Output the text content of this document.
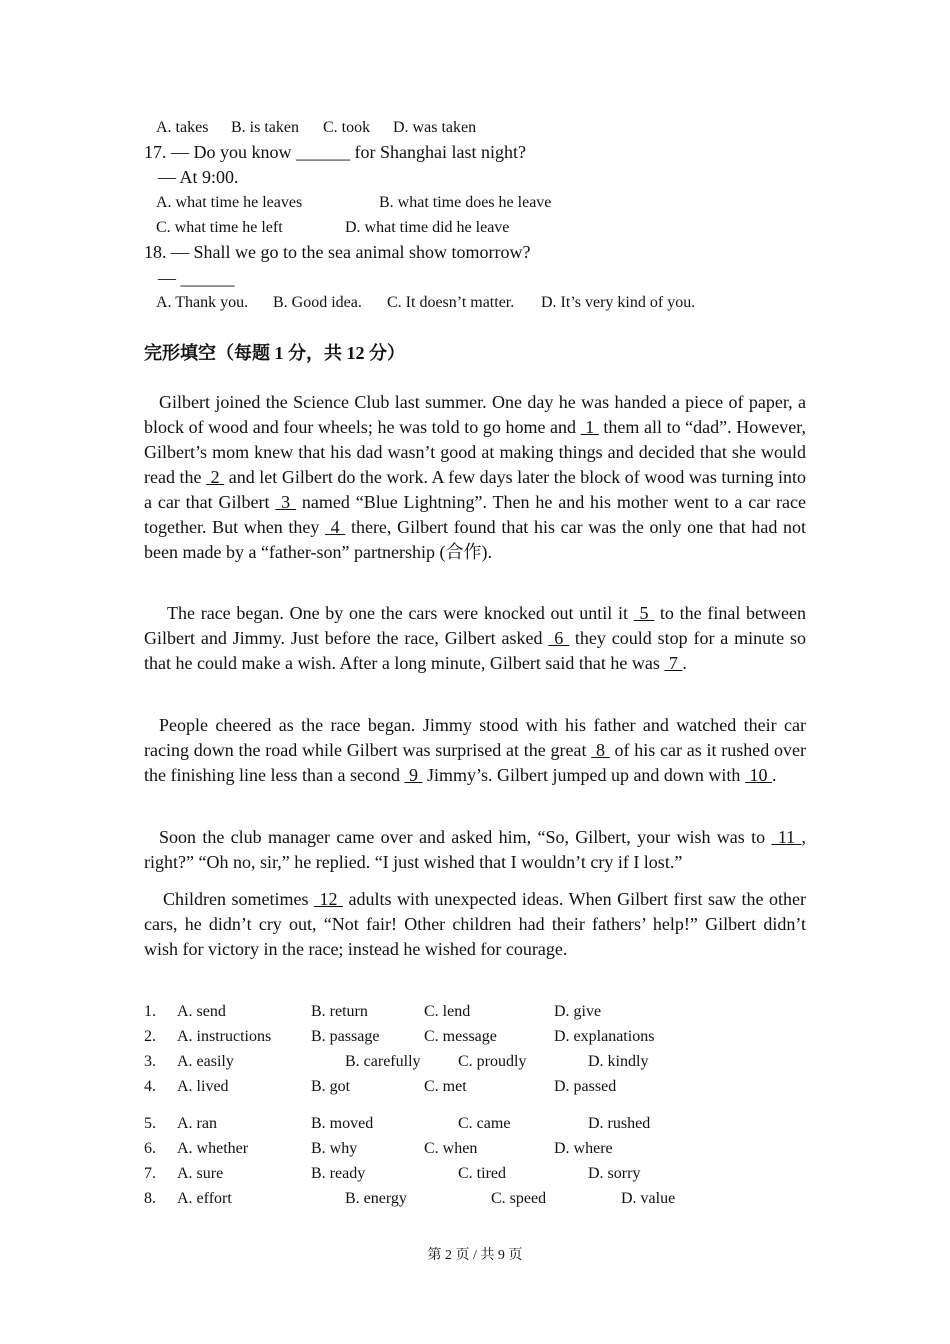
A. takes B. is taken C. took D. was taken
17. — Do you know ______ for Shanghai last night?
— At 9:00.
A. what time he leaves	B. what time does he leave
C. what time he left	D. what time did he leave
18. — Shall we go to the sea animal show tomorrow?
— ______
A. Thank you. B. Good idea. C. It doesn’t matter. D. It’s very kind of you.
完形填空（每题 1 分，共 12 分）
Gilbert joined the Science Club last summer. One day he was handed a piece of paper, a block of wood and four wheels; he was told to go home and  1  them all to “dad”. However, Gilbert’s mom knew that his dad wasn’t good at making things and decided that she would read the  2  and let Gilbert do the work. A few days later the block of wood was turning into a car that Gilbert  3  named “Blue Lightning”. Then he and his mother went to a car race together. But when they  4  there, Gilbert found that his car was the only one that had not been made by a “father-son” partnership (合作).
The race began. One by one the cars were knocked out until it  5  to the final between Gilbert and Jimmy. Just before the race, Gilbert asked  6  they could stop for a minute so that he could make a wish. After a long minute, Gilbert said that he was  7 .
People cheered as the race began. Jimmy stood with his father and watched their car racing down the road while Gilbert was surprised at the great  8  of his car as it rushed over the finishing line less than a second  9  Jimmy’s. Gilbert jumped up and down with  10 .
Soon the club manager came over and asked him, “So, Gilbert, your wish was to  11 , right?” “Oh no, sir,” he replied. “I just wished that I wouldn’t cry if I lost.”
Children sometimes  12  adults with unexpected ideas. When Gilbert first saw the other cars, he didn’t cry out, “Not fair! Other children had their fathers’ help!” Gilbert didn’t wish for victory in the race; instead he wished for courage.
1. A. send	B. return	C. lend	D. give
2. A. instructions B. passage	C. message	D. explanations
3. A. easily	B. carefully C. proudly	D. kindly
4. A. lived	B. got	C. met	D. passed
5. A. ran	B. moved	C. came	D. rushed
6. A. whether	B. why	C. when	D. where
7. A. sure	B. ready	C. tired	D. sorry
8. A. effort	B. energy	C. speed	D. value
第 2 页 / 共 9 页
